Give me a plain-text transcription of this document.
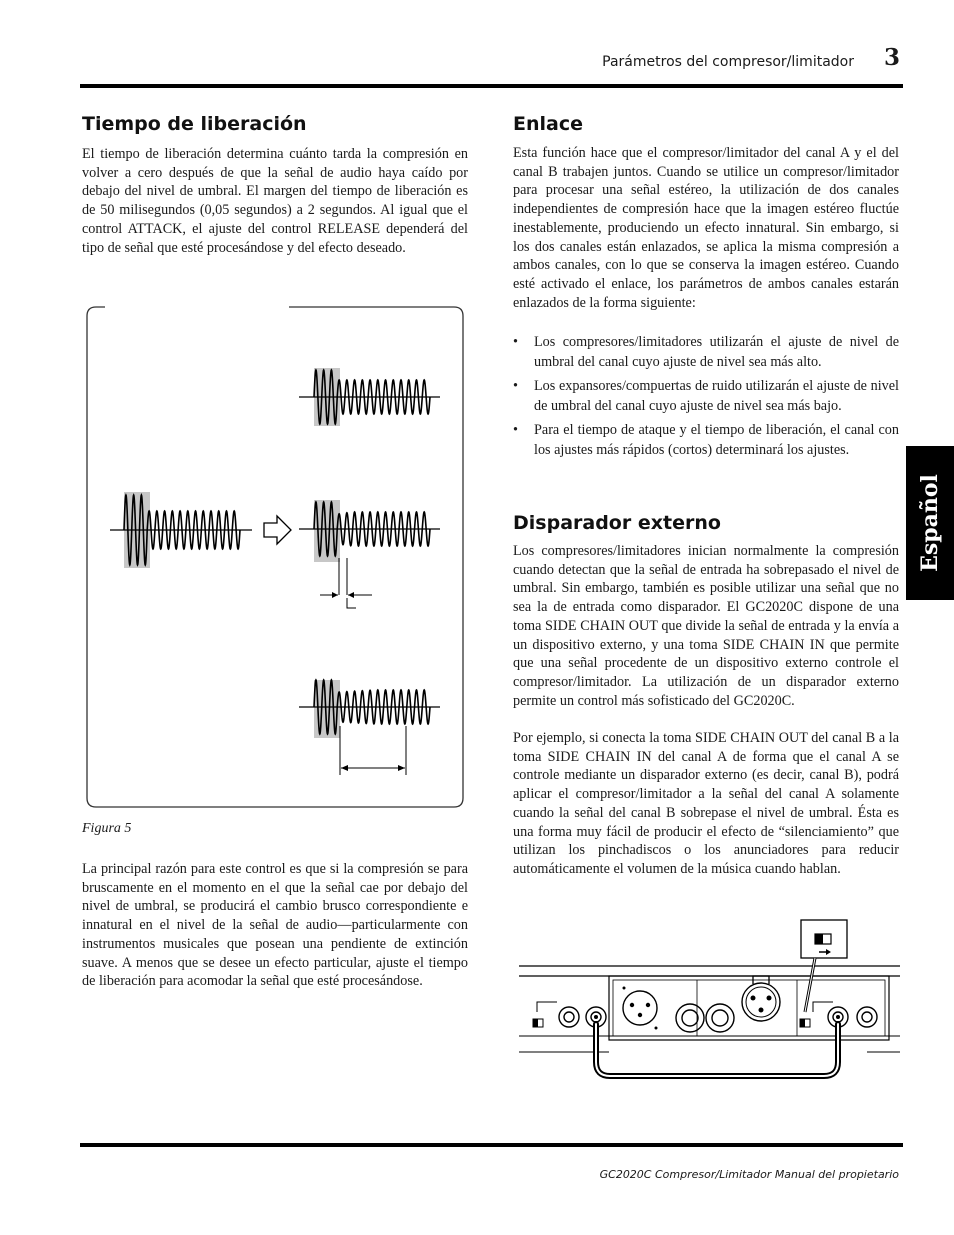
Parámetros del compresor/limitador 3
Español
Tiempo de liberación

El tiempo de liberación determina cuánto tarda la compresión en volver a cero después de que la señal de audio haya caído por debajo del nivel de umbral. El margen del tiempo de liberación es de 50 milisegundos (0,05 segundos) a 2 segundos. Al igual que el control ATTACK, el ajuste del control RELEASE dependerá del tipo de señal que esté procesándose y del efecto deseado.

Figura 5

La principal razón para este control es que si la compresión se para bruscamente en el momento en el que la señal cae por debajo del nivel de umbral, se producirá el cambio brusco correspondiente e innatural en el nivel de la señal de audio—particularmente con instrumentos musicales que posean una pendiente de extinción suave. A menos que se desee un efecto particular, ajuste el tiempo de liberación para acomodar la señal que esté procesándose.

Enlace

Esta función hace que el compresor/limitador del canal A y el del canal B trabajen juntos. Cuando se utilice un compresor/limitador para procesar una señal estéreo, la utilización de dos canales independientes de compresión hace que la imagen estéreo fluctúe inestablemente, produciendo un efecto innatural. Sin embargo, si los dos canales están enlazados, se aplica la misma compresión a ambos canales, con lo que se conserva la imagen estéreo. Cuando esté activado el enlace, los parámetros de ambos canales estarán enlazados de la forma siguiente:

• Los compresores/limitadores utilizarán el ajuste de nivel de umbral del canal cuyo ajuste de nivel sea más alto.
• Los expansores/compuertas de ruido utilizarán el ajuste de nivel de umbral del canal cuyo ajuste de nivel sea más bajo.
• Para el tiempo de ataque y el tiempo de liberación, el canal con los ajustes más rápidos (cortos) determinará los ajustes.
Disparador externo

Los compresores/limitadores inician normalmente la compresión cuando detectan que la señal de entrada ha sobrepasado el nivel de umbral. Sin embargo, también es posible utilizar una señal que no sea la de entrada como disparador. El GC2020C dispone de una toma SIDE CHAIN OUT que divide la señal de entrada y la envía a un dispositivo externo, y una toma SIDE CHAIN IN que permite que una señal procedente de un dispositivo externo controle el compresor/limitador. La utilización de un disparador externo permite un control más sofisticado del GC2020C.

Por ejemplo, si conecta la toma SIDE CHAIN OUT del canal B a la toma SIDE CHAIN IN del canal A de forma que el canal A se controle mediante un disparador externo (es decir, canal B), podrá aplicar el compresor/limitador a la señal del canal A solamente cuando la señal del canal B sobrepase el nivel de umbral. Ésta es una forma muy fácil de producir el efecto de “silenciamiento” que utilizan los pinchadiscos o los anunciadores para reducir automáticamente el volumen de la música cuando hablan.

GC2020C Compresor/Limitador Manual del propietario
